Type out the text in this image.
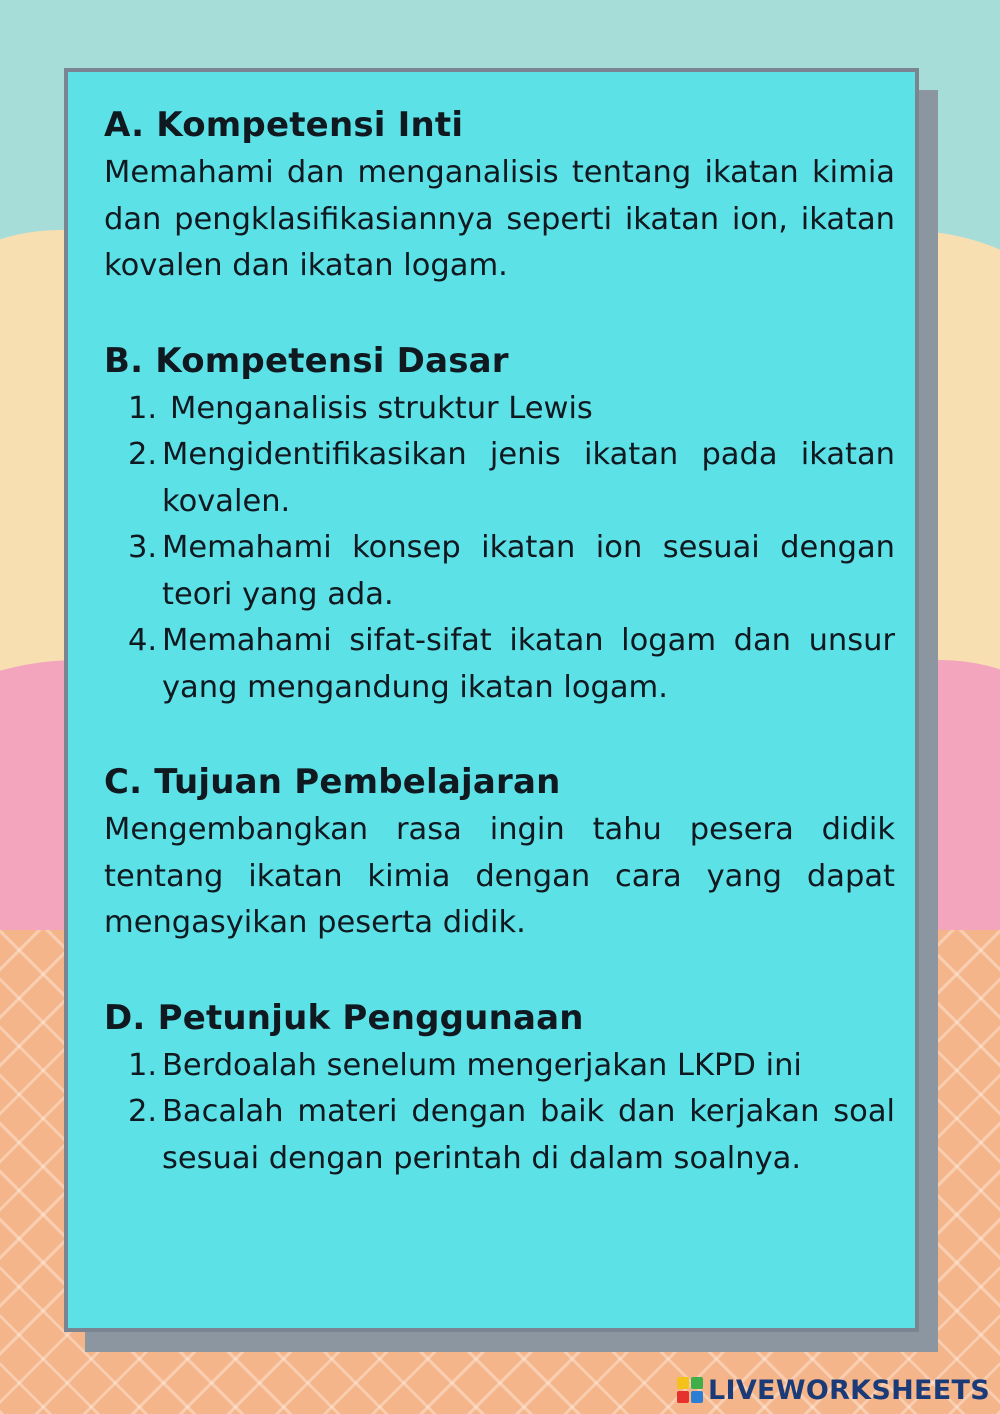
A. Kompetensi Inti

Memahami dan menganalisis tentang ikatan kimia dan pengklasifikasiannya seperti ikatan ion, ikatan kovalen dan ikatan logam.

B. Kompetensi Dasar
1. Menganalisis struktur Lewis
2. Mengidentifikasikan jenis ikatan pada ikatan kovalen.
3. Memahami konsep ikatan ion sesuai dengan teori yang ada.
4. Memahami sifat-sifat ikatan logam dan unsur yang mengandung ikatan logam.
C. Tujuan Pembelajaran

Mengembangkan rasa ingin tahu pesera didik tentang ikatan kimia dengan cara yang dapat mengasyikan peserta didik.

D. Petunjuk Penggunaan
1. Berdoalah senelum mengerjakan LKPD ini
2. Bacalah materi dengan baik dan kerjakan soal sesuai dengan perintah di dalam soalnya.
LIVEWORKSHEETS
